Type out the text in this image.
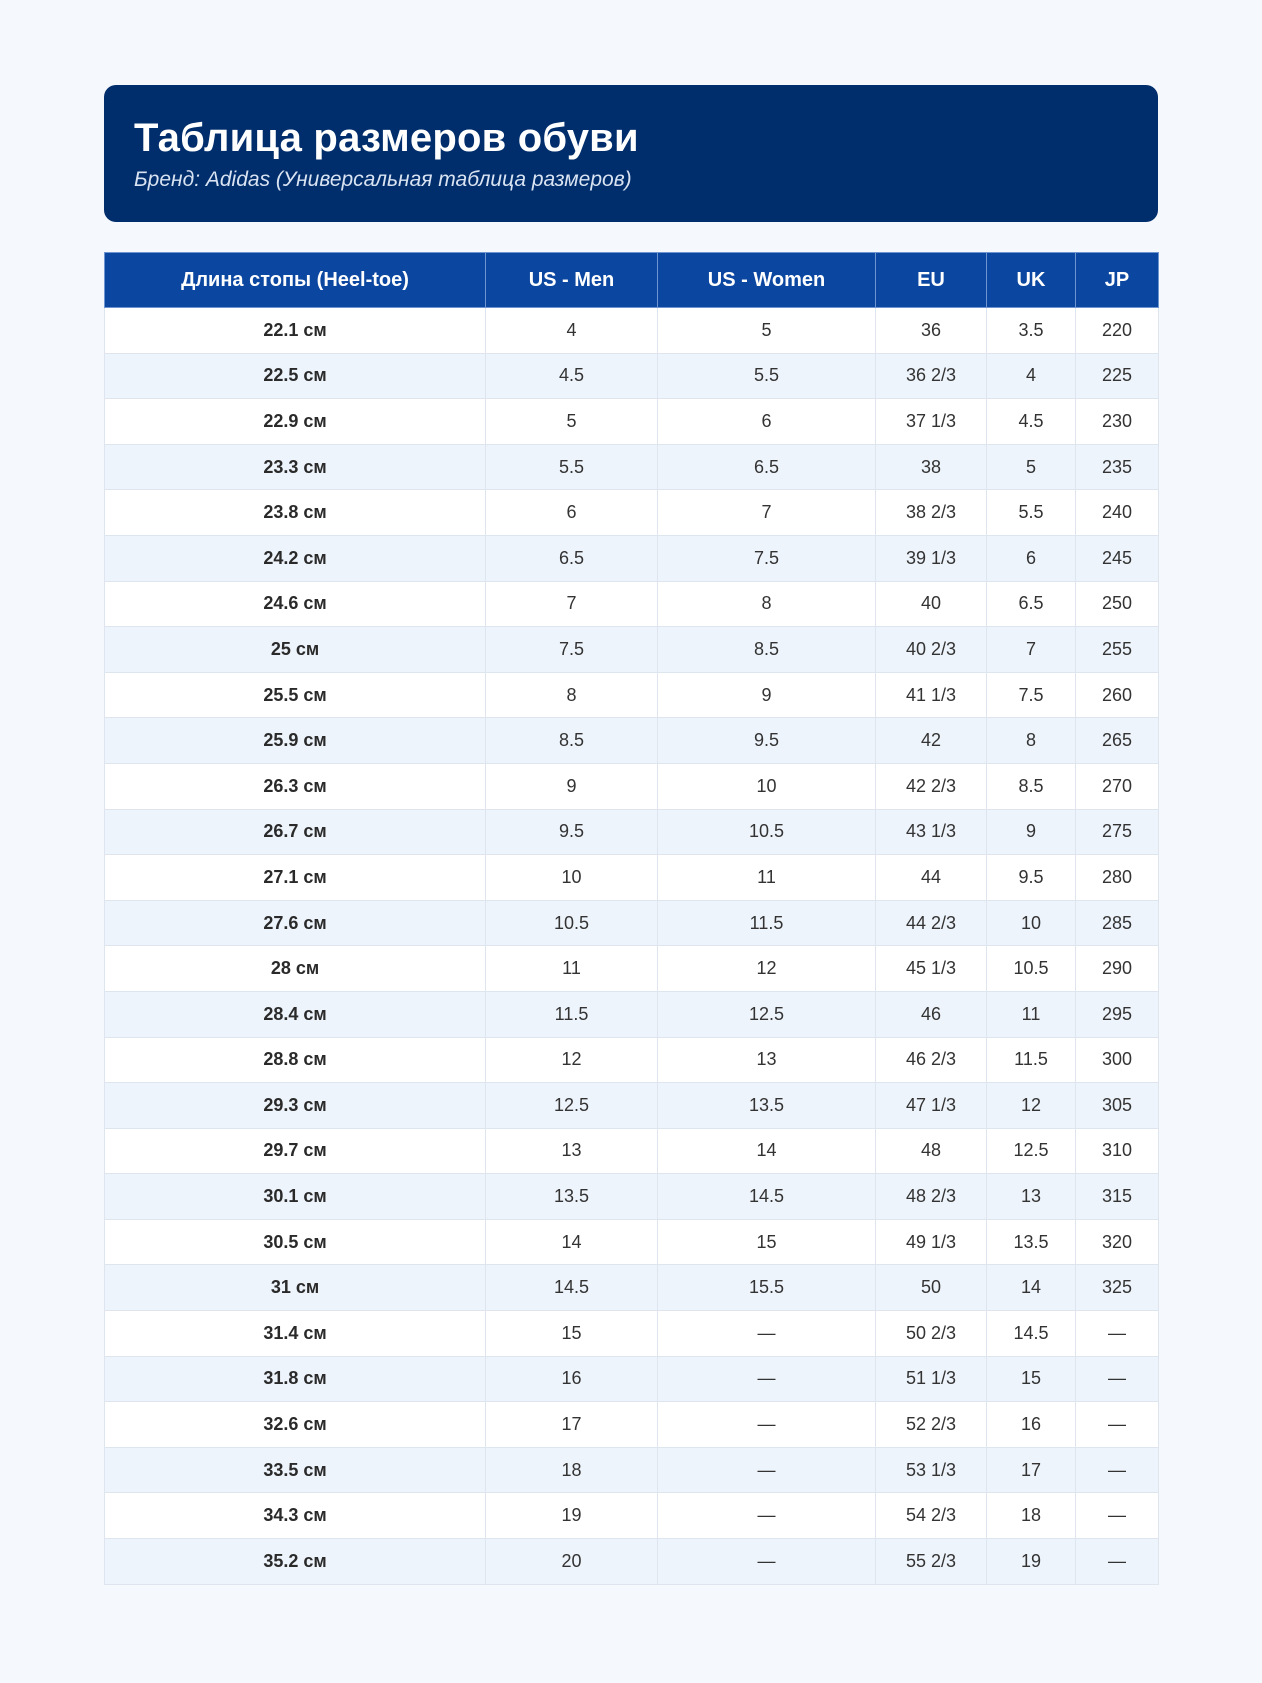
Таблица размеров обуви
Бренд: Adidas (Универсальная таблица размеров)
Длина стопы (Heel-toe)	US - Men	US - Women	EU	UK	JP
22.1 см	4	5	36	3.5	220
22.5 см	4.5	5.5	36 2/3	4	225
22.9 см	5	6	37 1/3	4.5	230
23.3 см	5.5	6.5	38	5	235
23.8 см	6	7	38 2/3	5.5	240
24.2 см	6.5	7.5	39 1/3	6	245
24.6 см	7	8	40	6.5	250
25 см	7.5	8.5	40 2/3	7	255
25.5 см	8	9	41 1/3	7.5	260
25.9 см	8.5	9.5	42	8	265
26.3 см	9	10	42 2/3	8.5	270
26.7 см	9.5	10.5	43 1/3	9	275
27.1 см	10	11	44	9.5	280
27.6 см	10.5	11.5	44 2/3	10	285
28 см	11	12	45 1/3	10.5	290
28.4 см	11.5	12.5	46	11	295
28.8 см	12	13	46 2/3	11.5	300
29.3 см	12.5	13.5	47 1/3	12	305
29.7 см	13	14	48	12.5	310
30.1 см	13.5	14.5	48 2/3	13	315
30.5 см	14	15	49 1/3	13.5	320
31 см	14.5	15.5	50	14	325
31.4 см	15	—	50 2/3	14.5	—
31.8 см	16	—	51 1/3	15	—
32.6 см	17	—	52 2/3	16	—
33.5 см	18	—	53 1/3	17	—
34.3 см	19	—	54 2/3	18	—
35.2 см	20	—	55 2/3	19	—
